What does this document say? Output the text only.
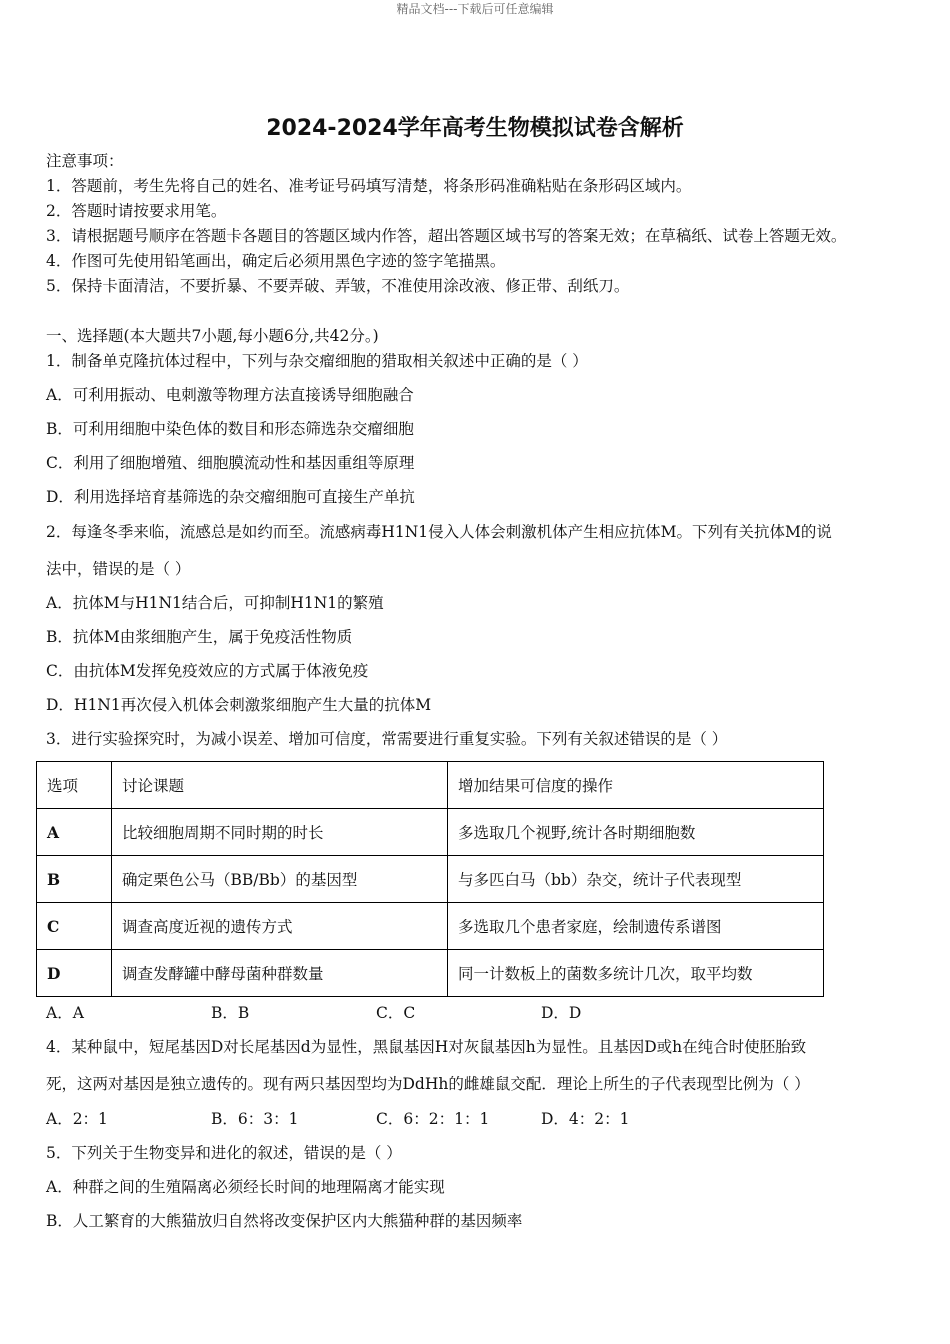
精品文档---下载后可任意编辑
2024-2024学年高考生物模拟试卷含解析
注意事项：
1．答题前，考生先将自己的姓名、准考证号码填写清楚，将条形码准确粘贴在条形码区域内。
2．答题时请按要求用笔。
3．请根据题号顺序在答题卡各题目的答题区域内作答，超出答题区域书写的答案无效；在草稿纸、试卷上答题无效。
4．作图可先使用铅笔画出，确定后必须用黑色字迹的签字笔描黑。
5．保持卡面清洁，不要折暴、不要弄破、弄皱，不准使用涂改液、修正带、刮纸刀。
一、选择题(本大题共7小题,每小题6分,共42分。)
1．制备单克隆抗体过程中，下列与杂交瘤细胞的猎取相关叙述中正确的是（ ）
A．可利用振动、电刺激等物理方法直接诱导细胞融合
B．可利用细胞中染色体的数目和形态筛选杂交瘤细胞
C．利用了细胞增殖、细胞膜流动性和基因重组等原理
D．利用选择培育基筛选的杂交瘤细胞可直接生产单抗
2．每逢冬季来临，流感总是如约而至。流感病毒H1N1侵入人体会刺激机体产生相应抗体M。下列有关抗体M的说
法中，错误的是（ ）
A．抗体M与H1N1结合后，可抑制H1N1的繁殖
B．抗体M由浆细胞产生，属于免疫活性物质
C．由抗体M发挥免疫效应的方式属于体液免疫
D．H1N1再次侵入机体会刺激浆细胞产生大量的抗体M
3．进行实验探究时，为减小误差、增加可信度，常需要进行重复实验。下列有关叙述错误的是（ ）
选项	讨论课题	增加结果可信度的操作
A	比较细胞周期不同时期的时长	多选取几个视野,统计各时期细胞数
B	确定栗色公马（BB/Bb）的基因型	与多匹白马（bb）杂交，统计子代表现型
C	调查高度近视的遗传方式	多选取几个患者家庭，绘制遗传系谱图
D	调查发酵罐中酵母菌种群数量	同一计数板上的菌数多统计几次，取平均数
A．A	B．B	C．C	D．D
4．某种鼠中，短尾基因D对长尾基因d为显性，黑鼠基因H对灰鼠基因h为显性。且基因D或h在纯合时使胚胎致
死，这两对基因是独立遗传的。现有两只基因型均为DdHh的雌雄鼠交配．理论上所生的子代表现型比例为（ ）
A．2：1	B．6：3：1	C．6：2：1：1	D．4：2：1
5．下列关于生物变异和进化的叙述，错误的是（ ）
A．种群之间的生殖隔离必须经长时间的地理隔离才能实现
B．人工繁育的大熊猫放归自然将改变保护区内大熊猫种群的基因频率
